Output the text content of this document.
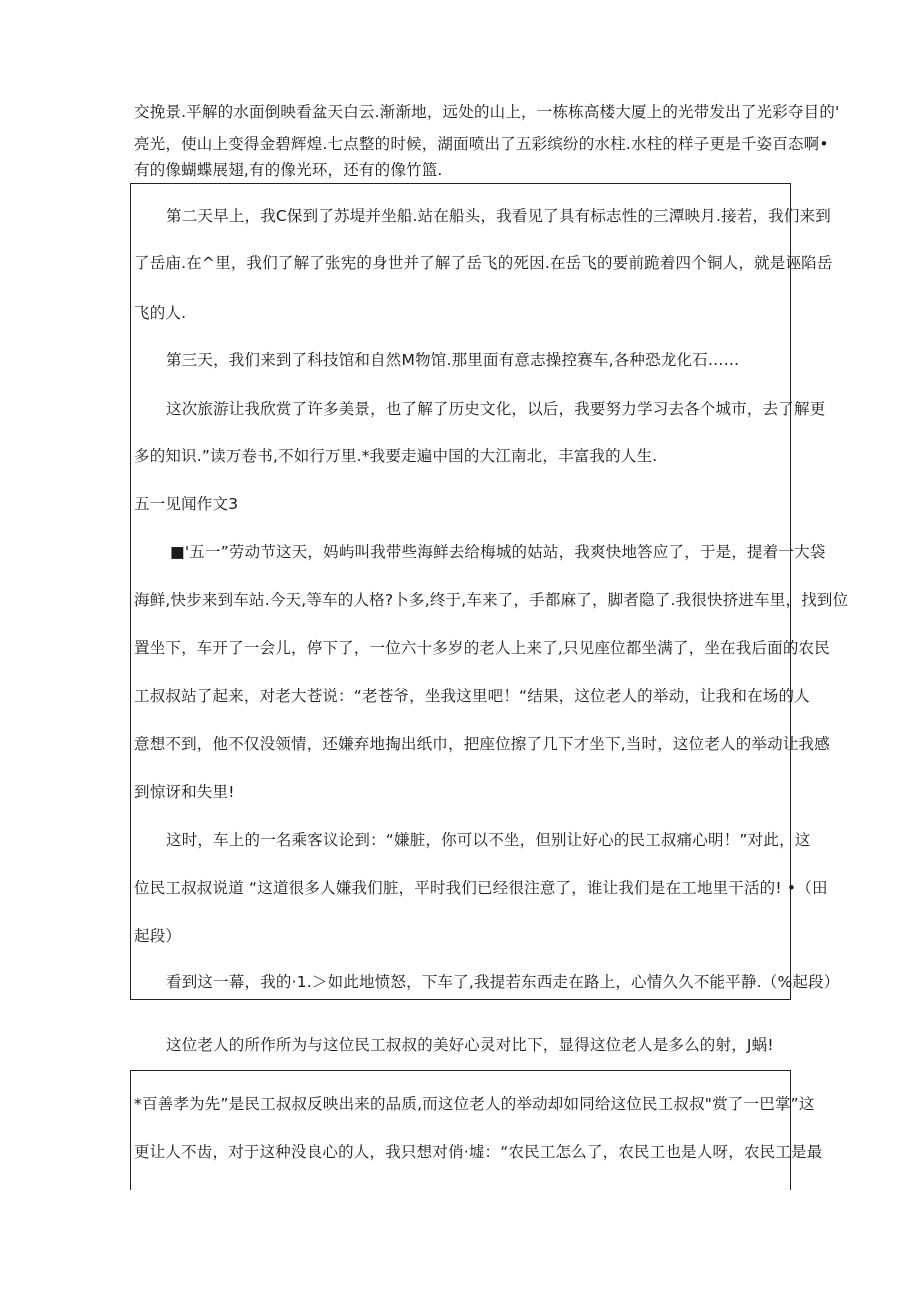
交挽景.平解的水面倒映看盆天白云.渐渐地，远处的山上，一栋栋高楼大厦上的光带发出了光彩夺目的'
亮光，使山上变得金碧辉煌.七点整的时候，湖面喷出了五彩缤纷的水柱.水柱的样子更是千姿百态啊•
有的像蝴蝶展翅,有的像光环，还有的像竹篮.
第二天早上，我C保到了苏堤并坐船.站在船头，我看见了具有标志性的三潭映月.接若，我们来到
了岳庙.在^里，我们了解了张宪的身世并了解了岳飞的死因.在岳飞的要前跪着四个铜人，就是诬陷岳
飞的人.
第三天，我们来到了科技馆和自然M物馆.那里面有意志操控赛车,各种恐龙化石……
这次旅游让我欣赏了许多美景，也了解了历史文化，以后，我要努力学习去各个城市，去了解更
多的知识.”读万卷书,不如行万里.*我要走遍中国的大江南北，丰富我的人生.
五一见闻作文3
■'五一”劳动节这天，妈屿叫我带些海鲜去给梅城的姑站，我爽快地答应了，于是，提着一大袋
海鲜,快步来到车站.今天,等车的人格?卜多,终于,车来了，手都麻了，脚者隐了.我很快挤进车里，找到位
置坐下，车开了一会儿，停下了，一位六十多岁的老人上来了,只见座位都坐满了，坐在我后面的农民
工叔叔站了起来，对老大苍说：“老苍爷，坐我这里吧！“结果，这位老人的举动，让我和在场的人
意想不到，他不仅没领情，还嫌弃地掏出纸巾，把座位擦了几下才坐下,当时，这位老人的举动让我感
到惊讶和失里!
这时，车上的一名乘客议论到：“嫌脏，你可以不坐，但别让好心的民工叔痛心明！”对此，这
位民工叔叔说道 “这道很多人嫌我们脏，平时我们已经很注意了，谁让我们是在工地里干活的! •（田
起段）
看到这一幕，我的·1.＞如此地愤怒，下车了,我提若东西走在路上，心情久久不能平静.（%起段）
这位老人的所作所为与这位民工叔叔的美好心灵对比下，显得这位老人是多么的射，J蜗!
*百善孝为先”是民工叔叔反映出来的品质,而这位老人的举动却如同给这位民工叔叔"赏了一巴掌”这
更让人不齿，对于这种没良心的人，我只想对俏·墟：“农民工怎么了，农民工也是人呀，农民工是最
